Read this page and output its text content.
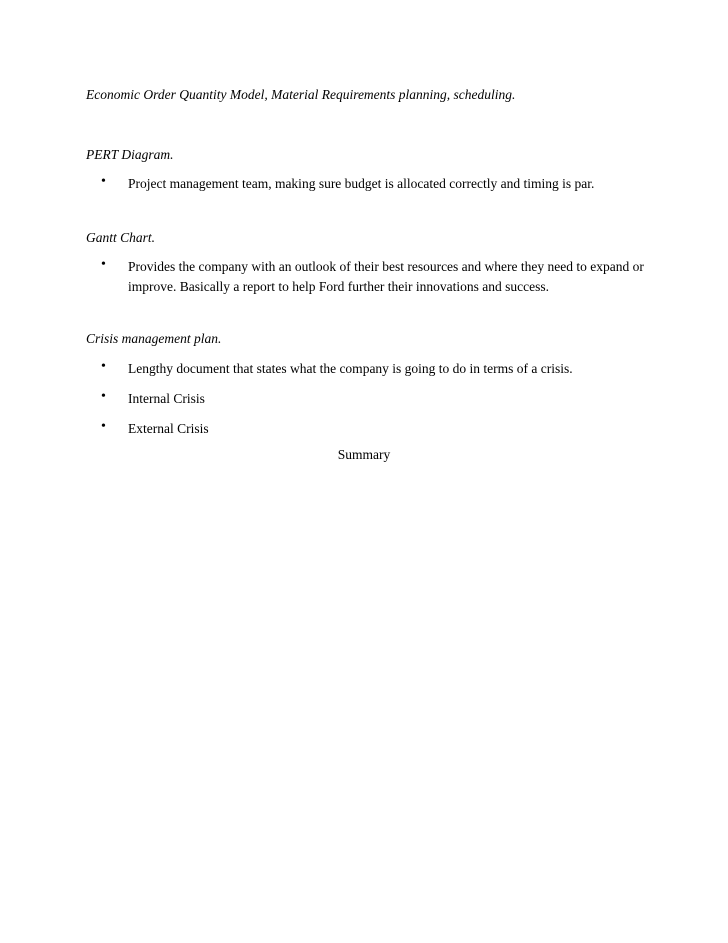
Economic Order Quantity Model, Material Requirements planning, scheduling.
PERT Diagram.
• Project management team, making sure budget is allocated correctly and timing is par.
Gantt Chart.
• Provides the company with an outlook of their best resources and where they need to expand or improve. Basically a report to help Ford further their innovations and success.
Crisis management plan.
• Lengthy document that states what the company is going to do in terms of a crisis.
• Internal Crisis
• External Crisis
Summary
